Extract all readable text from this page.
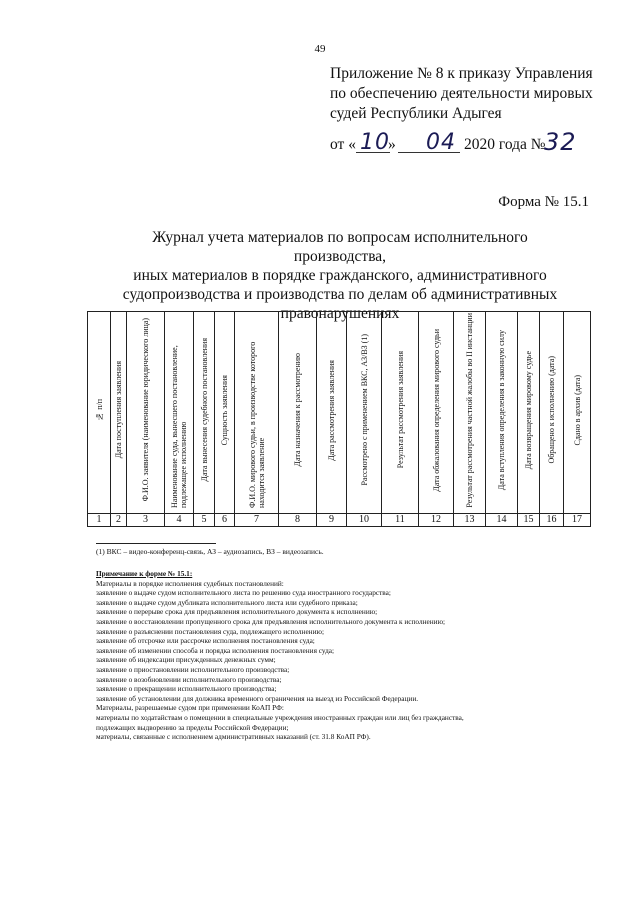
49
Приложение № 8 к приказу Управления
по обеспечению деятельности мировых
судей Республики Адыгея
от « 10
» 04 2020 года №
32
Форма № 15.1
Журнал учета материалов по вопросам исполнительного производства,
иных материалов в порядке гражданского, административного
судопроизводства и производства по делам об административных
правонарушениях
№ п/п	Дата поступления заявления	Ф.И.О. заявителя (наименование юридического лица)	Наименование суда, вынесшего постановление, подлежащее исполнению	Дата вынесения судебного постановления	Сущность заявления	Ф.И.О. мирового судьи, в производстве которого находится заявление	Дата назначения к рассмотрению	Дата рассмотрения заявления	Рассмотрено с применением ВКС, АЗ/ВЗ (1)	Результат рассмотрения заявления	Дата обжалования определения мирового судьи	Результат рассмотрения частной жалобы во II инстанции	Дата вступления определения в законную силу	Дата возвращения мировому судье	Обращено к исполнению (дата)	Сдано в архив (дата)
1	2	3	4	5	6	7	8	9	10	11	12	13	14	15	16	17
(1) ВКС – видео-конференц-связь, АЗ – аудиозапись, ВЗ – видеозапись.
Примечание к форме № 15.1:
Материалы в порядке исполнения судебных постановлений:
заявление о выдаче судом исполнительного листа по решению суда иностранного государства;
заявление о выдаче судом дубликата исполнительного листа или судебного приказа;
заявление о перерыве срока для предъявления исполнительного документа к исполнению;
заявление о восстановлении пропущенного срока для предъявления исполнительного документа к исполнению;
заявление о разъяснении постановления суда, подлежащего исполнению;
заявление об отсрочке или рассрочке исполнения постановления суда;
заявление об изменении способа и порядка исполнения постановления суда;
заявление об индексации присужденных денежных сумм;
заявление о приостановлении исполнительного производства;
заявление о возобновлении исполнительного производства;
заявление о прекращении исполнительного производства;
заявление об установлении для должника временного ограничения на выезд из Российской Федерации.
Материалы, разрешаемые судом при применении КоАП РФ:
материалы по ходатайствам о помещении в специальные учреждения иностранных граждан или лиц без гражданства,
подлежащих выдворению за пределы Российской Федерации;
материалы, связанные с исполнением административных наказаний (ст. 31.8 КоАП РФ).
